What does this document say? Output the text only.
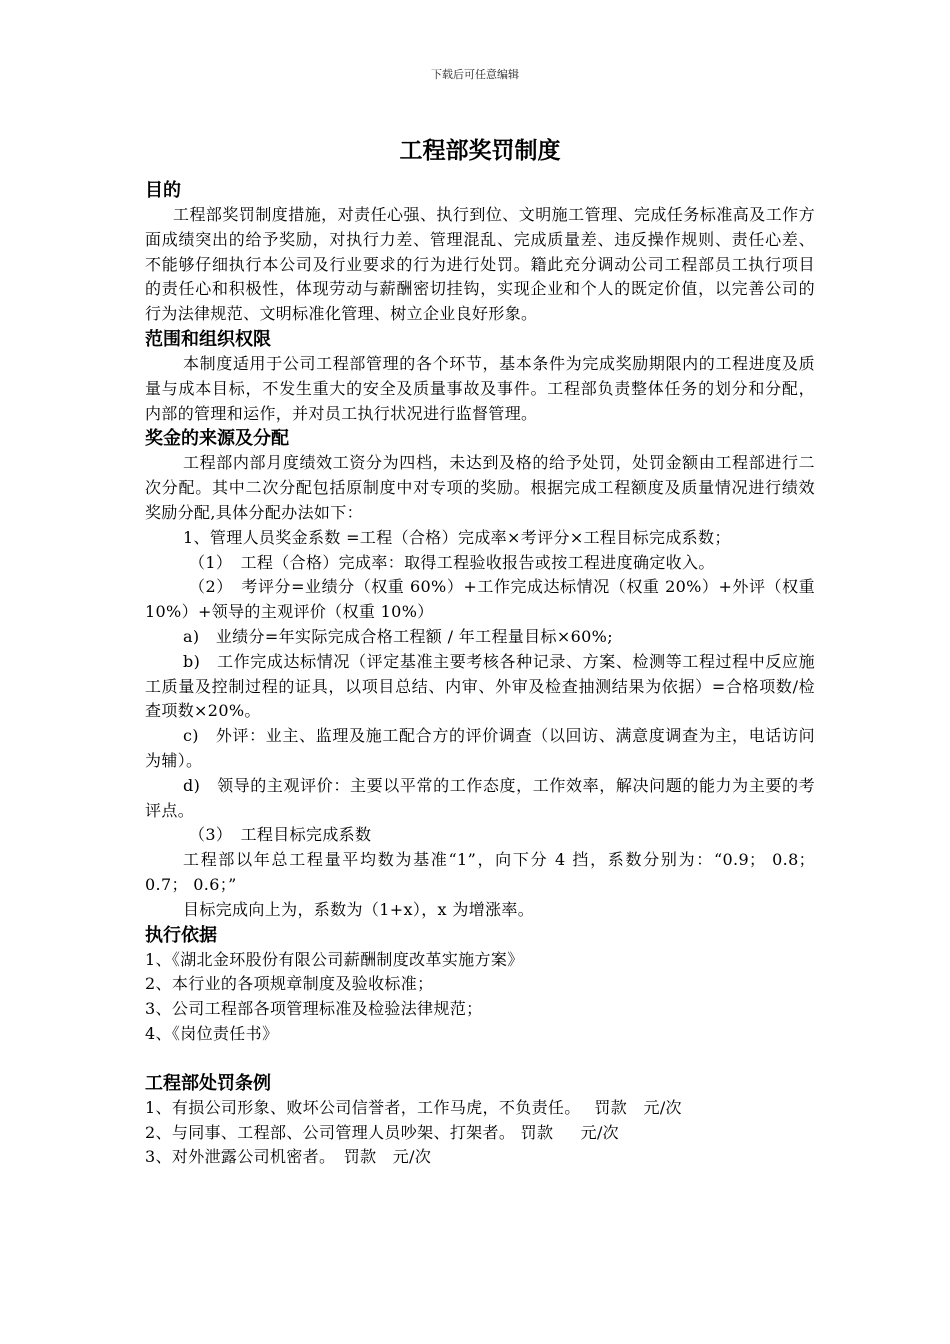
下载后可任意编辑
工程部奖罚制度
目的

工程部奖罚制度措施，对责任心强、执行到位、文明施工管理、完成任务标准高及工作方面成绩突出的给予奖励，对执行力差、管理混乱、完成质量差、违反操作规则、责任心差、不能够仔细执行本公司及行业要求的行为进行处罚。籍此充分调动公司工程部员工执行项目的责任心和积极性，体现劳动与薪酬密切挂钩，实现企业和个人的既定价值，以完善公司的行为法律规范、文明标准化管理、树立企业良好形象。

范围和组织权限

本制度适用于公司工程部管理的各个环节，基本条件为完成奖励期限内的工程进度及质量与成本目标，不发生重大的安全及质量事故及事件。工程部负责整体任务的划分和分配，内部的管理和运作，并对员工执行状况进行监督管理。

奖金的来源及分配

工程部内部月度绩效工资分为四档，未达到及格的给予处罚，处罚金额由工程部进行二次分配。其中二次分配包括原制度中对专项的奖励。根据完成工程额度及质量情况进行绩效奖励分配,具体分配办法如下：

1、管理人员奖金系数 =工程（合格）完成率×考评分×工程目标完成系数；

（1）　工程（合格）完成率：取得工程验收报告或按工程进度确定收入。

（2）　考评分=业绩分（权重 60%）+工作完成达标情况（权重 20%）+外评（权重 10%）+领导的主观评价（权重 10%）

a)　业绩分=年实际完成合格工程额 / 年工程量目标×60%;

b)　工作完成达标情况（评定基准主要考核各种记录、方案、检测等工程过程中反应施工质量及控制过程的证具，以项目总结、内审、外审及检查抽测结果为依据）=合格项数/检查项数×20%。

c)　外评：业主、监理及施工配合方的评价调查（以回访、满意度调查为主，电话访问为辅）。

d)　领导的主观评价：主要以平常的工作态度，工作效率，解决问题的能力为主要的考评点。

（3）　工程目标完成系数

工程部以年总工程量平均数为基准“1”，向下分 4 挡，系数分别为：“0.9； 0.8； 0.7； 0.6；”

目标完成向上为，系数为（1+x），x 为增涨率。

执行依据
1、《湖北金环股份有限公司薪酬制度改革实施方案》
2、本行业的各项规章制度及验收标准；
3、公司工程部各项管理标准及检验法律规范；
4、《岗位责任书》
工程部处罚条例
1、有损公司形象、败坏公司信誉者，工作马虎，不负责任。　 罚款　元/次
2、与同事、工程部、公司管理人员吵架、打架者。 罚款　  元/次
3、对外泄露公司机密者。　罚款　元/次
